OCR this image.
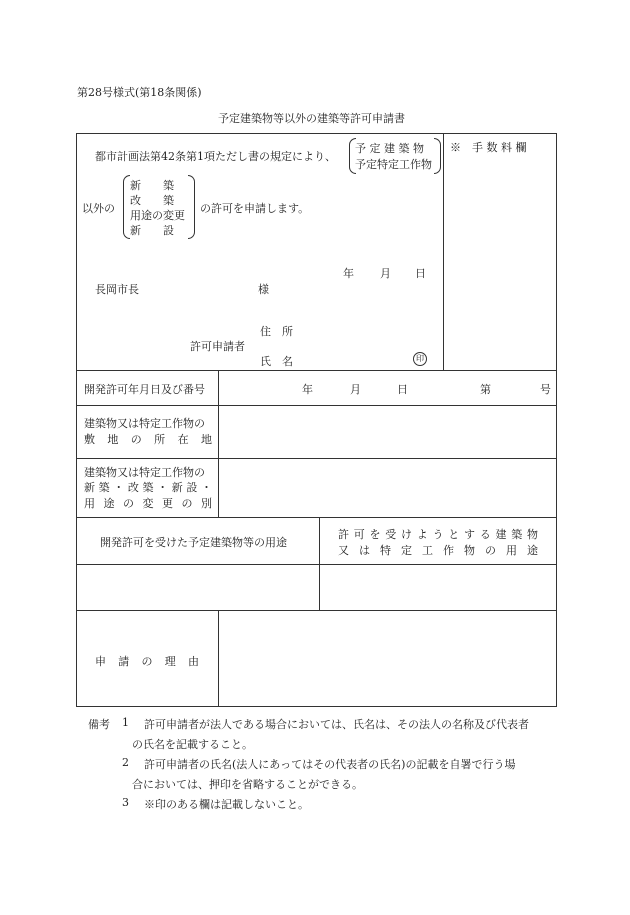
第28号様式(第18条関係)
予定建築物等以外の建築等許可申請書
都市計画法第42条第1項ただし書の規定により、
予 定 建 築 物
予定特定工作物
以外の
新　　築
改　　築
用途の変更
新　　設
の許可を申請します。
年 月 日
長岡市長	様
住　所
許可申請者
氏　名	印
※　手 数 料 欄
開発許可年月日及び番号	年	月	日	第	号
建築物又は特定工作物の
敷 地 の 所 在 地
建築物又は特定工作物の
新 築 ・ 改 築 ・ 新 設 ・
用 途 の 変 更 の 別
開発許可を受けた予定建築物等の用途
許 可 を 受 け よ う と す る 建 築 物
又 は 特 定 工 作 物 の 用 途
申 請 の 理 由
備考 1 許可申請者が法人である場合においては、氏名は、その法人の名称及び代表者
の氏名を記載すること。
2 許可申請者の氏名(法人にあってはその代表者の氏名)の記載を自署で行う場
合においては、押印を省略することができる。
3 ※印のある欄は記載しないこと。
